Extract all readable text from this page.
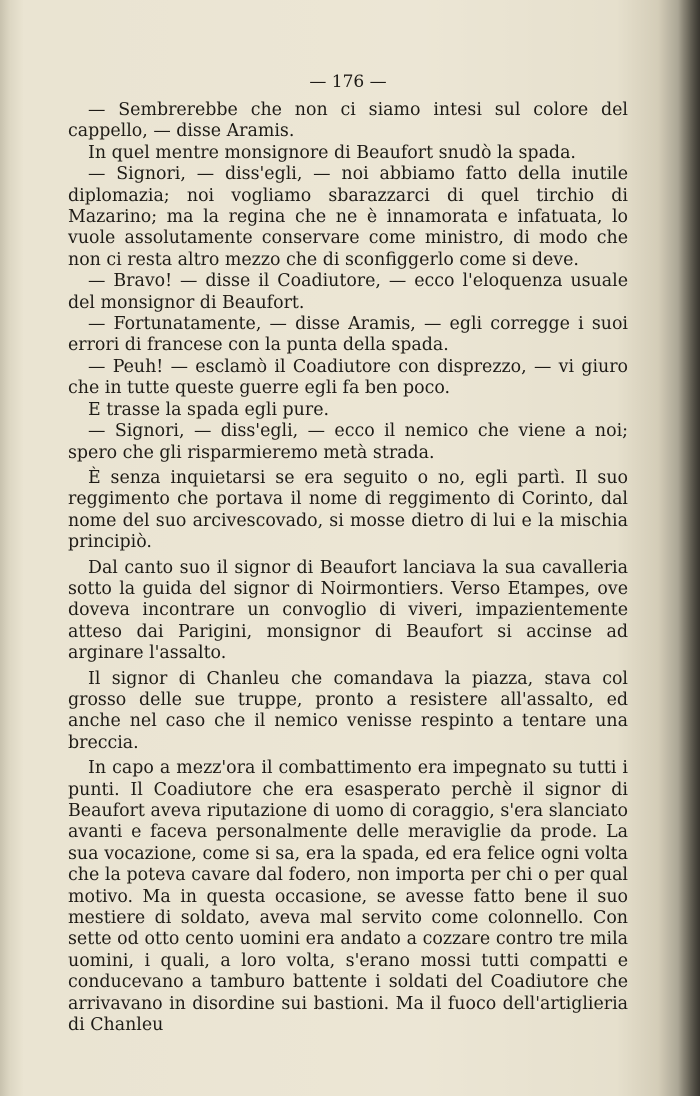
— 176 —

— Sembrerebbe che non ci siamo intesi sul colore del cappello, — disse Aramis.

In quel mentre monsignore di Beaufort snudò la spada.

— Signori, — diss'egli, — noi abbiamo fatto della inutile diplomazia; noi vogliamo sbarazzarci di quel tirchio di Mazarino; ma la regina che ne è innamorata e infatuata, lo vuole assolutamente conservare come ministro, di modo che non ci resta altro mezzo che di sconfiggerlo come si deve.

— Bravo! — disse il Coadiutore, — ecco l'eloquenza usuale del monsignor di Beaufort.

— Fortunatamente, — disse Aramis, — egli corregge i suoi errori di francese con la punta della spada.

— Peuh! — esclamò il Coadiutore con disprezzo, — vi giuro che in tutte queste guerre egli fa ben poco.

E trasse la spada egli pure.

— Signori, — diss'egli, — ecco il nemico che viene a noi; spero che gli risparmieremo metà strada.

È senza inquietarsi se era seguito o no, egli partì. Il suo reggimento che portava il nome di reggimento di Corinto, dal nome del suo arcivescovado, si mosse dietro di lui e la mischia principiò.

Dal canto suo il signor di Beaufort lanciava la sua cavalleria sotto la guida del signor di Noirmontiers. Verso Etampes, ove doveva incontrare un convoglio di viveri, impazientemente atteso dai Parigini, monsignor di Beaufort si accinse ad arginare l'assalto.

Il signor di Chanleu che comandava la piazza, stava col grosso delle sue truppe, pronto a resistere all'assalto, ed anche nel caso che il nemico venisse respinto a tentare una breccia.

In capo a mezz'ora il combattimento era impegnato su tutti i punti. Il Coadiutore che era esasperato perchè il signor di Beaufort aveva riputazione di uomo di coraggio, s'era slanciato avanti e faceva personalmente delle meraviglie da prode. La sua vocazione, come si sa, era la spada, ed era felice ogni volta che la poteva cavare dal fodero, non importa per chi o per qual motivo. Ma in questa occasione, se avesse fatto bene il suo mestiere di soldato, aveva mal servito come colonnello. Con sette od otto cento uomini era andato a cozzare contro tre mila uomini, i quali, a loro volta, s'erano mossi tutti compatti e conducevano a tamburo battente i soldati del Coadiutore che arrivavano in disordine sui bastioni. Ma il fuoco dell'artiglieria di Chanleu
